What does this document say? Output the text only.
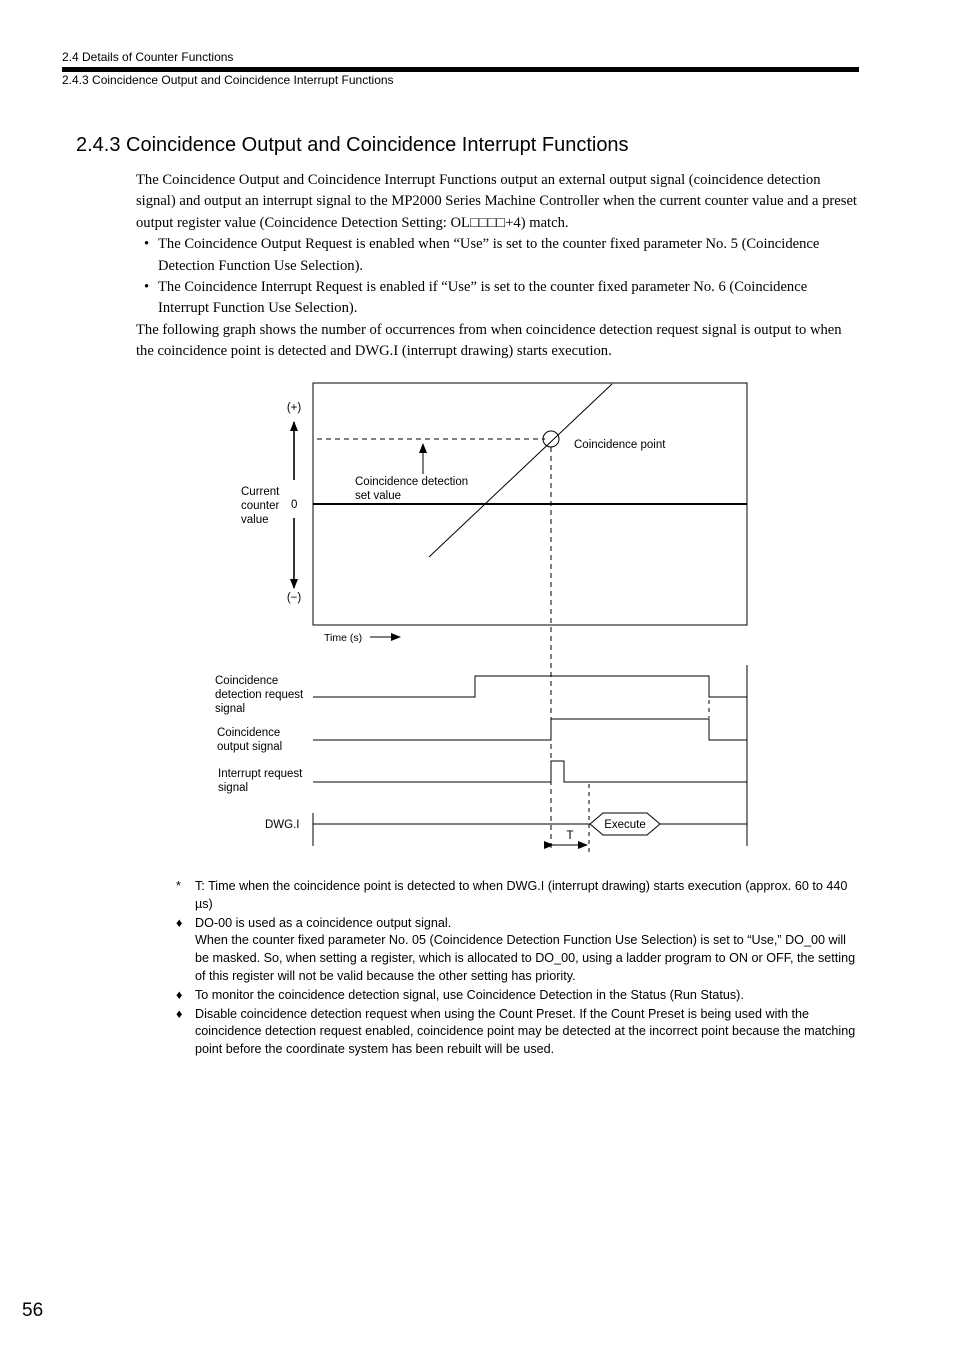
2.4 Details of Counter Functions
2.4.3 Coincidence Output and Coincidence Interrupt Functions
2.4.3 Coincidence Output and Coincidence Interrupt Functions

The Coincidence Output and Coincidence Interrupt Functions output an external output signal (coincidence detection signal) and output an interrupt signal to the MP2000 Series Machine Controller when the current counter value and a preset output register value (Coincidence Detection Setting: OL□□□□+4) match.

• The Coincidence Output Request is enabled when “Use” is set to the counter fixed parameter No. 5 (Coincidence Detection Function Use Selection).

• The Coincidence Interrupt Request is enabled if “Use” is set to the counter fixed parameter No. 6 (Coincidence Interrupt Function Use Selection).

The following graph shows the number of occurrences from when coincidence detection request signal is output to when the coincidence point is detected and DWG.I (interrupt drawing) starts execution.

(+)
(−)
0
Current
counter
value
Coincidence detection
set value
Coincidence point
Time (s)
Coincidence
detection request
signal
Coincidence
output signal
Interrupt request
signal
Execute
DWG.I
T

* T: Time when the coincidence point is detected to when DWG.I (interrupt drawing) starts execution (approx. 60 to 440 µs)

♦ DO-00 is used as a coincidence output signal.
When the counter fixed parameter No. 05 (Coincidence Detection Function Use Selection) is set to “Use,” DO_00 will be masked. So, when setting a register, which is allocated to DO_00, using a ladder program to ON or OFF, the setting of this register will not be valid because the other setting has priority.

♦ To monitor the coincidence detection signal, use Coincidence Detection in the Status (Run Status).

♦ Disable coincidence detection request when using the Count Preset. If the Count Preset is being used with the coincidence detection request enabled, coincidence point may be detected at the incorrect point because the matching point before the coordinate system has been rebuilt will be used.

56
